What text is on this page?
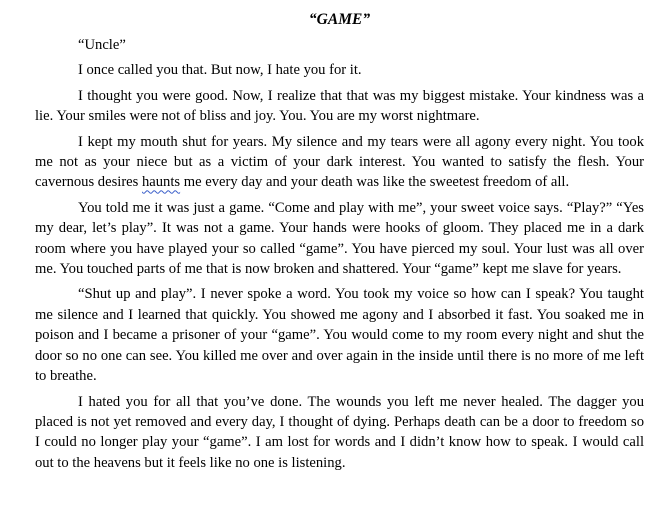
“GAME”

“Uncle”

I once called you that. But now, I hate you for it.

I thought you were good. Now, I realize that that was my biggest mistake. Your kindness was a lie. Your smiles were not of bliss and joy. You. You are my worst nightmare.

I kept my mouth shut for years. My silence and my tears were all agony every night. You took me not as your niece but as a victim of your dark interest. You wanted to satisfy the flesh. Your cavernous desires haunts me every day and your death was like the sweetest freedom of all.

You told me it was just a game. “Come and play with me”, your sweet voice says. “Play?” “Yes my dear, let’s play”. It was not a game. Your hands were hooks of gloom. They placed me in a dark room where you have played your so called “game”. You have pierced my soul. Your lust was all over me. You touched parts of me that is now broken and shattered. Your “game” kept me slave for years.

“Shut up and play”. I never spoke a word. You took my voice so how can I speak? You taught me silence and I learned that quickly. You showed me agony and I absorbed it fast. You soaked me in poison and I became a prisoner of your “game”. You would come to my room every night and shut the door so no one can see. You killed me over and over again in the inside until there is no more of me left to breathe.

I hated you for all that you’ve done. The wounds you left me never healed. The dagger you placed is not yet removed and every day, I thought of dying. Perhaps death can be a door to freedom so I could no longer play your “game”. I am lost for words and I didn’t know how to speak. I would call out to the heavens but it feels like no one is listening.
